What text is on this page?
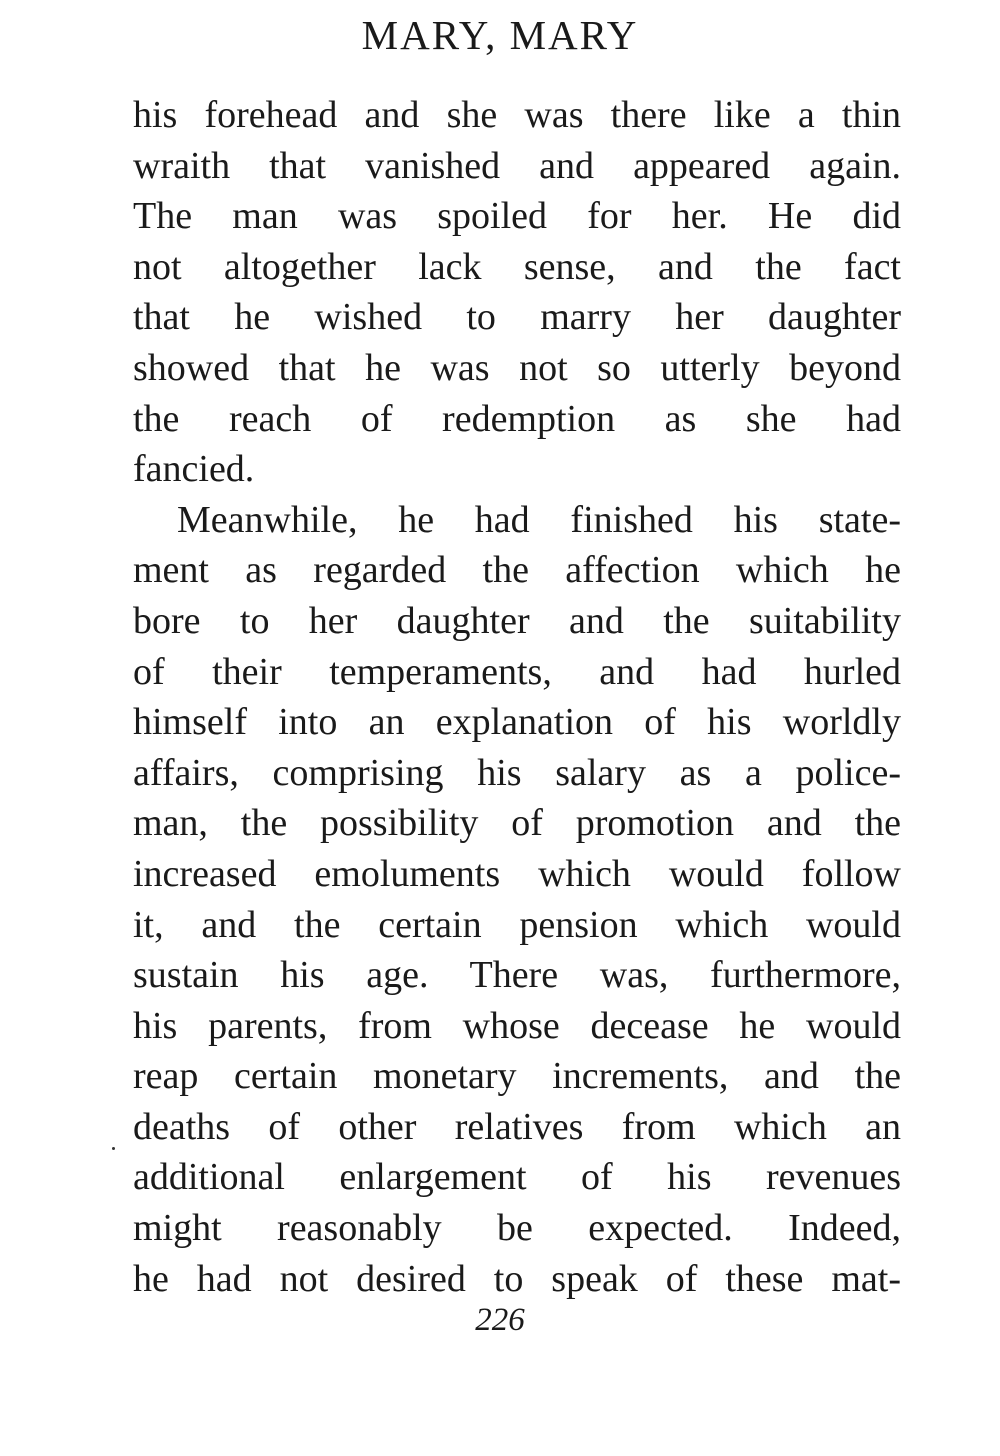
MARY, MARY
his forehead and she was there like a thin
wraith that vanished and appeared again.
The man was spoiled for her. He did
not altogether lack sense, and the fact
that he wished to marry her daughter
showed that he was not so utterly beyond
the reach of redemption as she had
fancied.
Meanwhile, he had finished his state-
ment as regarded the affection which he
bore to her daughter and the suitability
of their temperaments, and had hurled
himself into an explanation of his worldly
affairs, comprising his salary as a police-
man, the possibility of promotion and the
increased emoluments which would follow
it, and the certain pension which would
sustain his age. There was, furthermore,
his parents, from whose decease he would
reap certain monetary increments, and the
deaths of other relatives from which an
additional enlargement of his revenues
might reasonably be expected. Indeed,
he had not desired to speak of these mat-
226
